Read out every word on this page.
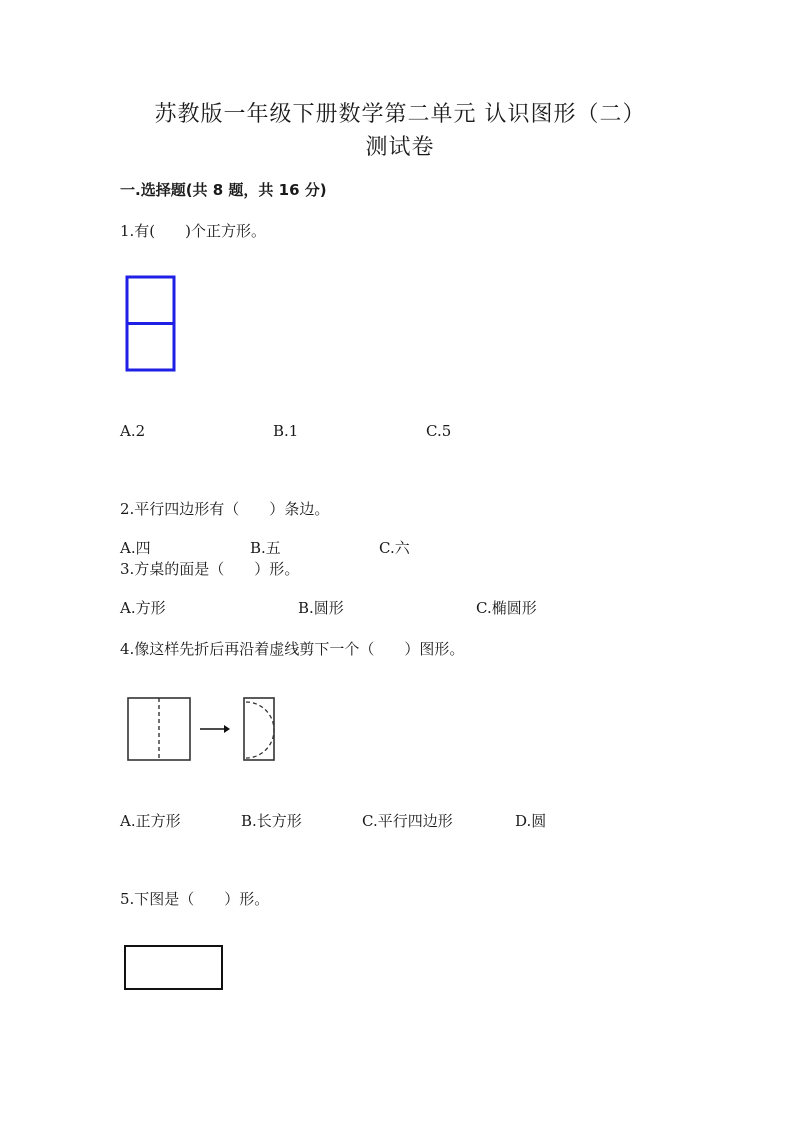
苏教版一年级下册数学第二单元 认识图形（二）
测试卷
一.选择题(共 8 题，共 16 分)
1.有(　　)个正方形。
A.2	B.1	C.5
2.平行四边形有（　　）条边。
A.四	B.五	C.六
3.方桌的面是（　　）形。
A.方形	B.圆形	C.椭圆形
4.像这样先折后再沿着虚线剪下一个（　　）图形。
A.正方形	B.长方形	C.平行四边形	D.圆
5.下图是（　　）形。
